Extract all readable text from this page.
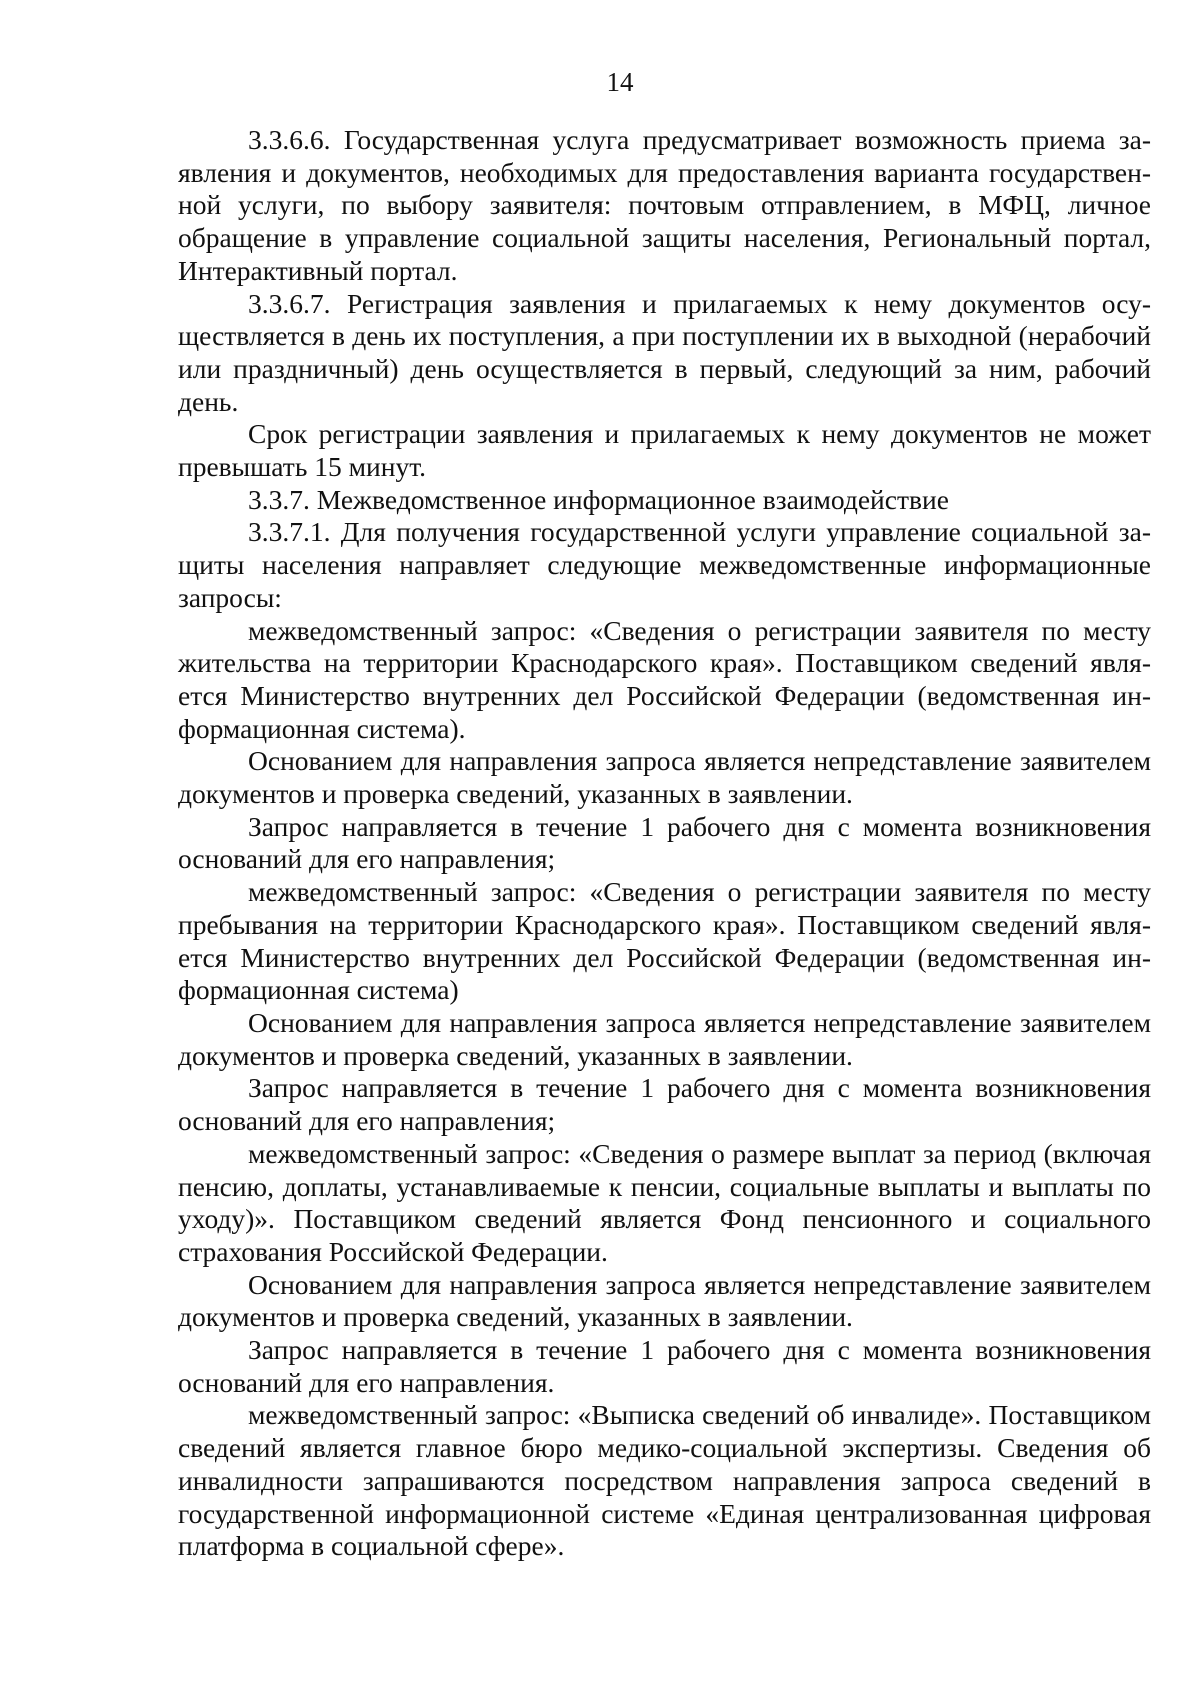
14

3.3.6.6. Государственная услуга предусматривает возможность приема заявления и документов, необходимых для предоставления варианта государственной услуги, по выбору заявителя: почтовым отправлением, в МФЦ, личное обращение в управление социальной защиты населения, Региональный портал, Интерактивный портал.

3.3.6.7. Регистрация заявления и прилагаемых к нему документов осуществляется в день их поступления, а при поступлении их в выходной (нерабочий или праздничный) день осуществляется в первый, следующий за ним, рабочий день.

Срок регистрации заявления и прилагаемых к нему документов не может превышать 15 минут.

3.3.7. Межведомственное информационное взаимодействие

3.3.7.1. Для получения государственной услуги управление социальной защиты населения направляет следующие межведомственные информационные запросы:

межведомственный запрос: «Сведения о регистрации заявителя по месту жительства на территории Краснодарского края». Поставщиком сведений является Министерство внутренних дел Российской Федерации (ведомственная информационная система).

Основанием для направления запроса является непредставление заявителем документов и проверка сведений, указанных в заявлении.

Запрос направляется в течение 1 рабочего дня с момента возникновения оснований для его направления;

межведомственный запрос: «Сведения о регистрации заявителя по месту пребывания на территории Краснодарского края». Поставщиком сведений является Министерство внутренних дел Российской Федерации (ведомственная информационная система)

Основанием для направления запроса является непредставление заявителем документов и проверка сведений, указанных в заявлении.

Запрос направляется в течение 1 рабочего дня с момента возникновения оснований для его направления;

межведомственный запрос: «Сведения о размере выплат за период (включая пенсию, доплаты, устанавливаемые к пенсии, социальные выплаты и выплаты по уходу)». Поставщиком сведений является Фонд пенсионного и социального страхования Российской Федерации.

Основанием для направления запроса является непредставление заявителем документов и проверка сведений, указанных в заявлении.

Запрос направляется в течение 1 рабочего дня с момента возникновения оснований для его направления.

межведомственный запрос: «Выписка сведений об инвалиде». Поставщиком сведений является главное бюро медико-социальной экспертизы. Сведения об инвалидности запрашиваются посредством направления запроса сведений в государственной информационной системе «Единая централизованная цифровая платформа в социальной сфере».
